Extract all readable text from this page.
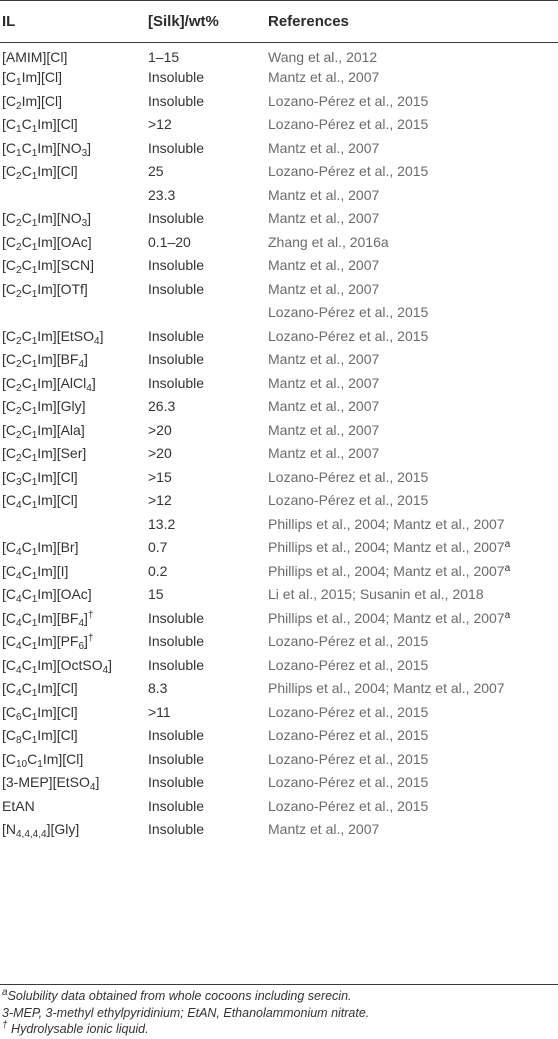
IL	[Silk]/wt%	References
[AMIM][Cl]	1–15	Wang et al., 2012
$[C_1Im][Cl]$	Insoluble	Mantz et al., 2007
$[C_2Im][Cl]$	Insoluble	Lozano-Pérez et al., 2015
$[C_1C_1Im][Cl]$	>12	Lozano-Pérez et al., 2015
$[C_1C_1Im][NO_3]$	Insoluble	Mantz et al., 2007
$[C_2C_1Im][Cl]$	25	Lozano-Pérez et al., 2015
	23.3	Mantz et al., 2007
$[C_2C_1Im][NO_3]$	Insoluble	Mantz et al., 2007
$[C_2C_1Im][OAc]$	0.1–20	Zhang et al., 2016a
$[C_2C_1Im][SCN]$	Insoluble	Mantz et al., 2007
$[C_2C_1Im][OTf]$	Insoluble	Mantz et al., 2007
		Lozano-Pérez et al., 2015
$[C_2C_1Im][EtSO_4]$	Insoluble	Lozano-Pérez et al., 2015
$[C_2C_1Im][BF_4]$	Insoluble	Mantz et al., 2007
$[C_2C_1Im][AlCl_4]$	Insoluble	Mantz et al., 2007
$[C_2C_1Im][Gly]$	26.3	Mantz et al., 2007
$[C_2C_1Im][Ala]$	>20	Mantz et al., 2007
$[C_2C_1Im][Ser]$	>20	Mantz et al., 2007
$[C_3C_1Im][Cl]$	>15	Lozano-Pérez et al., 2015
$[C_4C_1Im][Cl]$	>12	Lozano-Pérez et al., 2015
	13.2	Phillips et al., 2004; Mantz et al., 2007
$[C_4C_1Im][Br]$	0.7	Phillips et al., 2004; Mantz et al., 2007$^a$
$[C_4C_1Im][I]$	0.2	Phillips et al., 2004; Mantz et al., 2007$^a$
$[C_4C_1Im][OAc]$	15	Li et al., 2015; Susanin et al., 2018
$[C_4C_1Im][BF_4]^\dagger$	Insoluble	Phillips et al., 2004; Mantz et al., 2007$^a$
$[C_4C_1Im][PF_6]^\dagger$	Insoluble	Lozano-Pérez et al., 2015
$[C_4C_1Im][OctSO_4]$	Insoluble	Lozano-Pérez et al., 2015
$[C_4C_1Im][Cl]$	8.3	Phillips et al., 2004; Mantz et al., 2007
$[C_6C_1Im][Cl]$	>11	Lozano-Pérez et al., 2015
$[C_8C_1Im][Cl]$	Insoluble	Lozano-Pérez et al., 2015
$[C_{10}C_1Im][Cl]$	Insoluble	Lozano-Pérez et al., 2015
[3-MEP][EtSO$_4$]	Insoluble	Lozano-Pérez et al., 2015
EtAN	Insoluble	Lozano-Pérez et al., 2015
$[N_{4,4,4,4}][Gly]$	Insoluble	Mantz et al., 2007
$^a$Solubility data obtained from whole cocoons including serecin.
3-MEP, 3-methyl ethylpyridinium; EtAN, Ethanolammonium nitrate.
† Hydrolysable ionic liquid.
